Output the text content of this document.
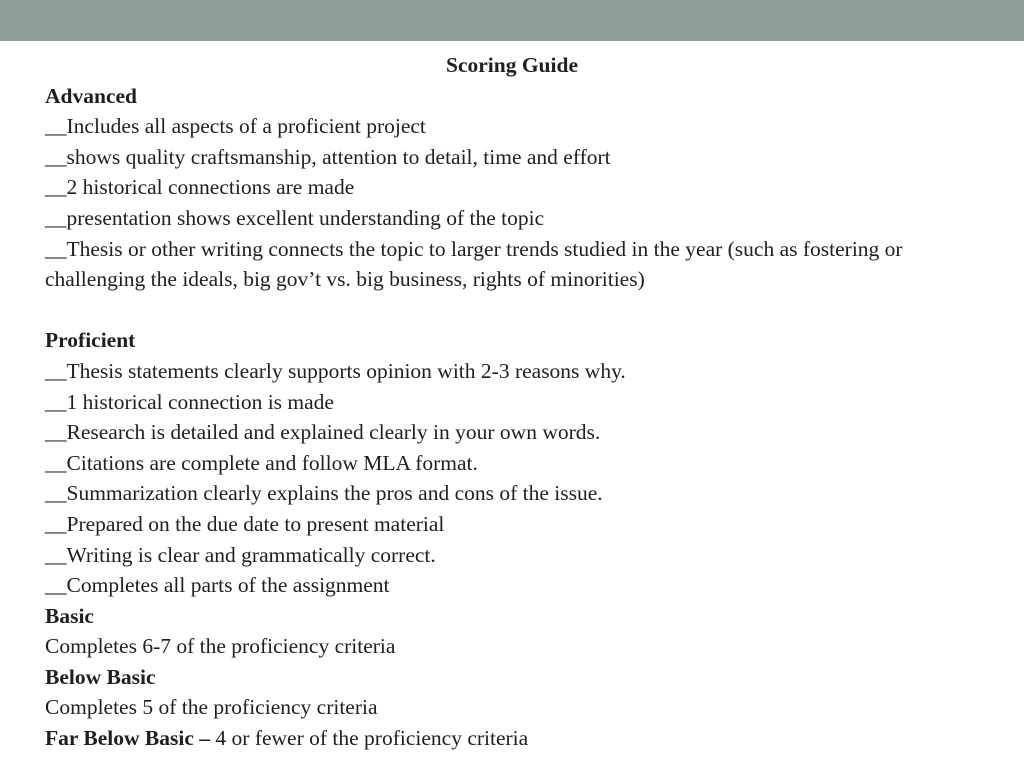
Scoring Guide
Advanced
__Includes all aspects of a proficient project
__shows quality craftsmanship, attention to detail, time and effort
__2 historical connections are made
__presentation shows excellent understanding of the topic
__Thesis or other writing connects the topic to larger trends studied in the year (such as fostering or challenging the ideals, big gov’t vs. big business, rights of minorities)
Proficient
__Thesis statements clearly supports opinion with 2-3 reasons why.
__1 historical connection is made
__Research is detailed and explained clearly in your own words.
__Citations are complete and follow MLA format.
__Summarization clearly explains the pros and cons of the issue.
__Prepared on the due date to present material
__Writing is clear and grammatically correct.
__Completes all parts of the assignment
Basic
Completes 6-7 of the proficiency criteria
Below Basic
Completes 5 of the proficiency criteria
Far Below Basic – 4 or fewer of the proficiency criteria
